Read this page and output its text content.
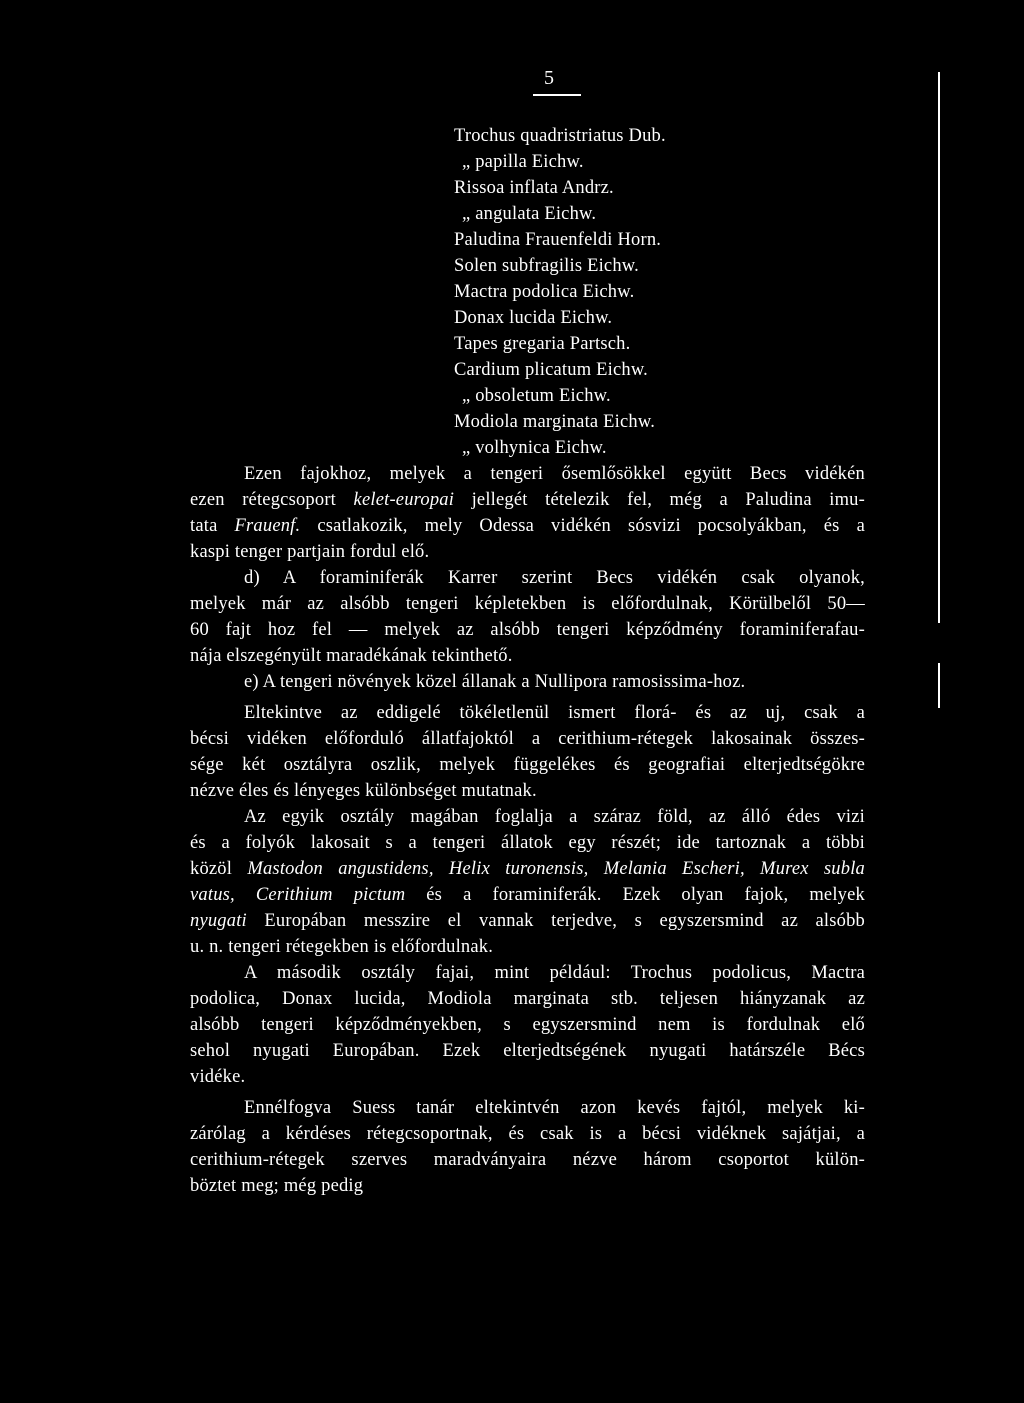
5
Trochus quadristriatus Dub.
„ papilla Eichw.
Rissoa inflata Andrz.
„ angulata Eichw.
Paludina Frauenfeldi Horn.
Solen subfragilis Eichw.
Mactra podolica Eichw.
Donax lucida Eichw.
Tapes gregaria Partsch.
Cardium plicatum Eichw.
„ obsoletum Eichw.
Modiola marginata Eichw.
„ volhynica Eichw.
Ezen fajokhoz, melyek a tengeri ősemlősökkel együtt Becs vidékén
ezen rétegcsoport kelet-europai jellegét tételezik fel, még a Paludina imu-
tata Frauenf. csatlakozik, mely Odessa vidékén sósvizi pocsolyákban, és a
kaspi tenger partjain fordul elő.
d) A foraminiferák Karrer szerint Becs vidékén csak olyanok,
melyek már az alsóbb tengeri képletekben is előfordulnak, Körülbelől 50—
60 fajt hoz fel — melyek az alsóbb tengeri képződmény foraminiferafau-
nája elszegényült maradékának tekinthető.
e) A tengeri növények közel állanak a Nullipora ramosissima-hoz.
Eltekintve az eddigelé tökéletlenül ismert florá- és az uj, csak a
bécsi vidéken előforduló állatfajoktól a cerithium-rétegek lakosainak összes-
sége két osztályra oszlik, melyek függelékes és geografiai elterjedtségökre
nézve éles és lényeges különbséget mutatnak.
Az egyik osztály magában foglalja a száraz föld, az álló édes vizi
és a folyók lakosait s a tengeri állatok egy részét; ide tartoznak a többi
közöl Mastodon angustidens, Helix turonensis, Melania Escheri, Murex subla
vatus, Cerithium pictum és a foraminiferák. Ezek olyan fajok, melyek
nyugati Europában messzire el vannak terjedve, s egyszersmind az alsóbb
u. n. tengeri rétegekben is előfordulnak.
A második osztály fajai, mint például: Trochus podolicus, Mactra
podolica, Donax lucida, Modiola marginata stb. teljesen hiányzanak az
alsóbb tengeri képződményekben, s egyszersmind nem is fordulnak elő
sehol nyugati Europában. Ezek elterjedtségének nyugati határszéle Bécs
vidéke.
Ennélfogva Suess tanár eltekintvén azon kevés fajtól, melyek ki-
zárólag a kérdéses rétegcsoportnak, és csak is a bécsi vidéknek sajátjai, a
cerithium-rétegek szerves maradványaira nézve három csoportot külön-
böztet meg; még pedig
